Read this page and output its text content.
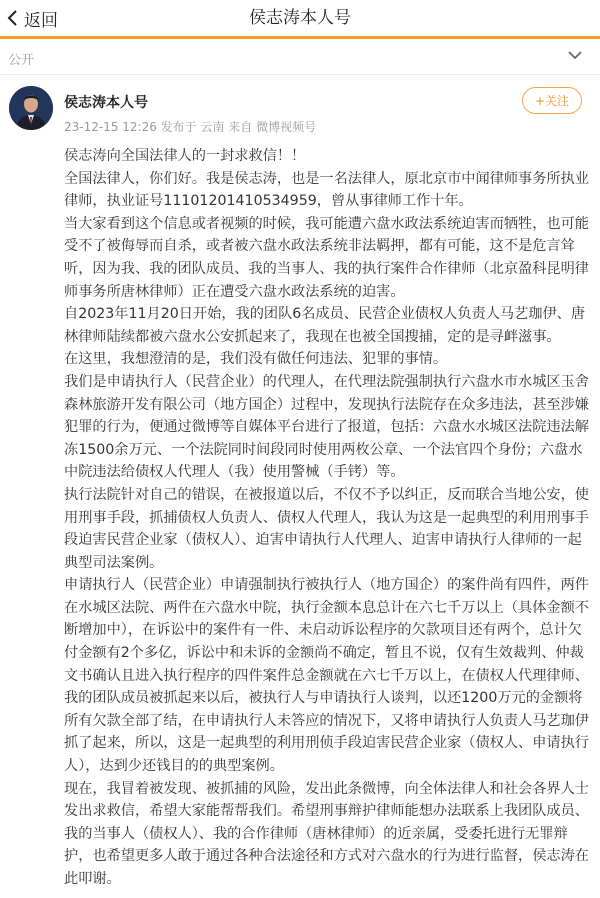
返回	侯志涛本人号
公开
侯志涛本人号
23-12-15 12:26 发布于 云南 来自 微博视频号
+关注

侯志涛向全国法律人的一封求救信！！

全国法律人，你们好。我是侯志涛，也是一名法律人，原北京市中闻律师事务所执业律师，执业证号11101201410534959，曾从事律师工作十年。

当大家看到这个信息或者视频的时候，我可能遭六盘水政法系统迫害而牺牲，也可能受不了被侮辱而自杀，或者被六盘水政法系统非法羁押，都有可能，这不是危言耸听，因为我、我的团队成员、我的当事人、我的执行案件合作律师（北京盈科昆明律师事务所唐林律师）正在遭受六盘水政法系统的迫害。

自2023年11月20日开始，我的团队6名成员、民营企业债权人负责人马艺珈伊、唐林律师陆续都被六盘水公安抓起来了，我现在也被全国搜捕，定的是寻衅滋事。

在这里，我想澄清的是，我们没有做任何违法、犯罪的事情。

我们是申请执行人（民营企业）的代理人，在代理法院强制执行六盘水市水城区玉舍森林旅游开发有限公司（地方国企）过程中，发现执行法院存在众多违法，甚至涉嫌犯罪的行为，便通过微博等自媒体平台进行了报道，包括：六盘水水城区法院违法解冻1500余万元、一个法院同时间段同时使用两枚公章、一个法官四个身份；六盘水中院违法给债权人代理人（我）使用警械（手铐）等。

执行法院针对自己的错误，在被报道以后，不仅不予以纠正，反而联合当地公安，使用刑事手段，抓捕债权人负责人、债权人代理人，我认为这是一起典型的利用刑事手段迫害民营企业家（债权人）、迫害申请执行人代理人、迫害申请执行人律师的一起典型司法案例。

申请执行人（民营企业）申请强制执行被执行人（地方国企）的案件尚有四件，两件在水城区法院、两件在六盘水中院，执行金额本息总计在六七千万以上（具体金额不断增加中），在诉讼中的案件有一件、未启动诉讼程序的欠款项目还有两个，总计欠付金额有2个多亿，诉讼中和未诉的金额尚不确定，暂且不说，仅有生效裁判、仲裁文书确认且进入执行程序的四件案件总金额就在六七千万以上，在债权人代理律师、我的团队成员被抓起来以后，被执行人与申请执行人谈判，以还1200万元的金额将所有欠款全部了结，在申请执行人未答应的情况下，又将申请执行人负责人马艺珈伊抓了起来，所以，这是一起典型的利用刑侦手段迫害民营企业家（债权人、申请执行人），达到少还钱目的的典型案例。

现在，我冒着被发现、被抓捕的风险，发出此条微博，向全体法律人和社会各界人士发出求救信，希望大家能帮帮我们。希望刑事辩护律师能想办法联系上我团队成员、我的当事人（债权人）、我的合作律师（唐林律师）的近亲属，受委托进行无罪辩护，也希望更多人敢于通过各种合法途径和方式对六盘水的行为进行监督，侯志涛在此叩谢。
